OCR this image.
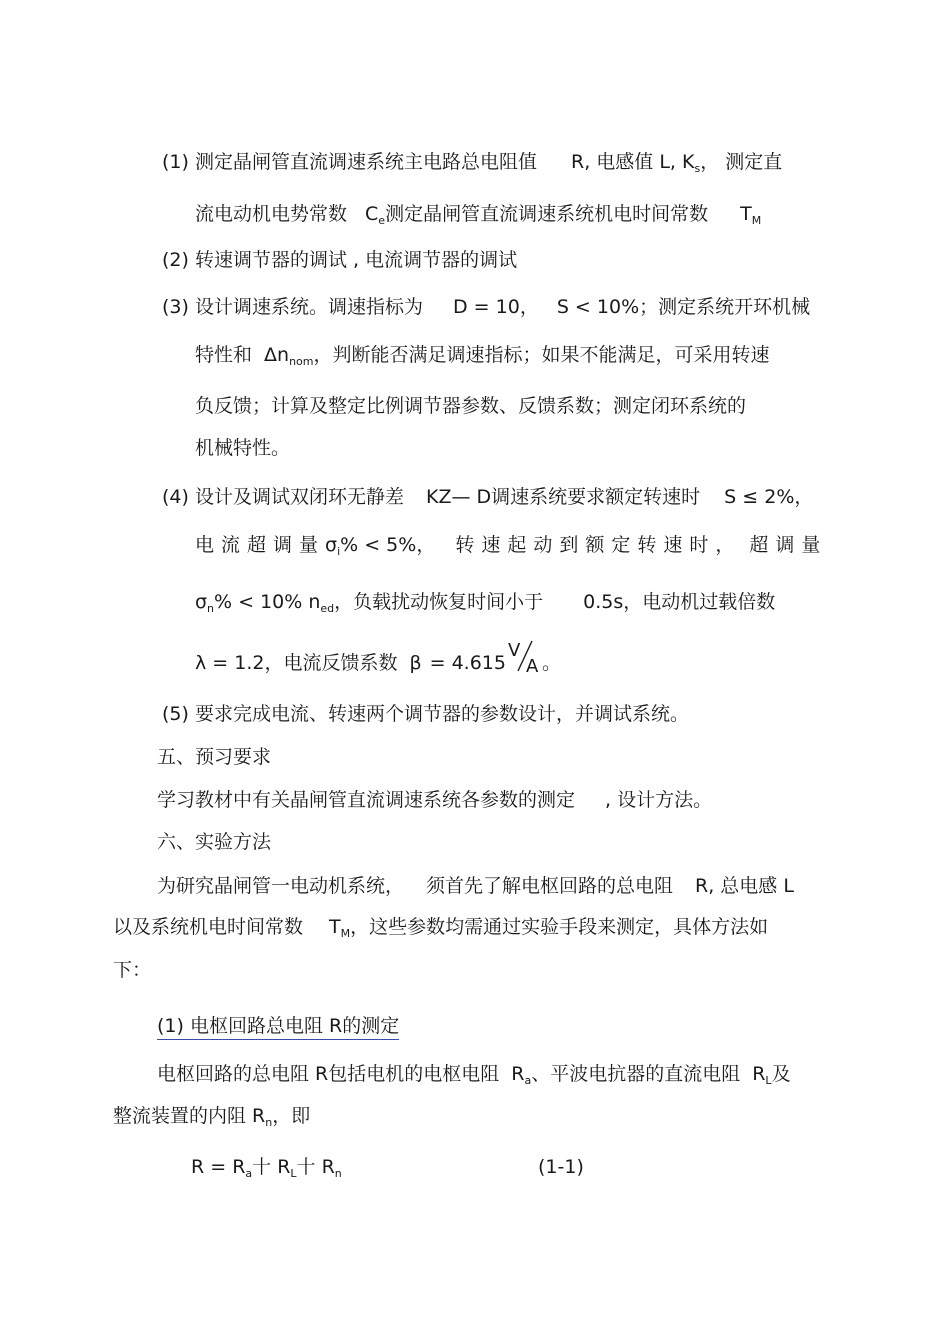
(1) 测定晶闸管直流调速系统主电路总电阻值 R, 电感值 L, $K_s$， 测定直
流电动机电势常数 $C_e$测定晶闸管直流调速系统机电时间常数 $T_M$
(2) 转速调节器的调试 , 电流调节器的调试
(3) 设计调速系统。调速指标为 D = 10， S < 10%；测定系统开环机械
特性和 $\Delta n_{nom}$，判断能否满足调速指标；如果不能满足，可采用转速
负反馈；计算及整定比例调节器参数、反馈系数；测定闭环系统的
机械特性。
(4) 设计及调试双闭环无静差 KZ— D调速系统要求额定转速时 S ≤ 2%，
电流超调量$\sigma_i\% < 5\%$， 转速起动到额定转速时， 超调量
$\sigma_n\% < 10\%$ $n_{ed}$，负载扰动恢复时间小于 0.5s，电动机过载倍数
λ = 1.2，电流反馈系数 β = 4.615
V
A 。
(5) 要求完成电流、转速两个调节器的参数设计，并调试系统。
五、预习要求
学习教材中有关晶闸管直流调速系统各参数的测定 , 设计方法。
六、实验方法
为研究晶闸管一电动机系统， 须首先了解电枢回路的总电阻 R, 总电感 L
以及系统机电时间常数 $T_M$，这些参数均需通过实验手段来测定，具体方法如
下：
(1) 电枢回路总电阻 R的测定
电枢回路的总电阻 R包括电机的电枢电阻 $R_a$、平波电抗器的直流电阻 $R_L$及
整流装置的内阻 $R_n$，即
$R = R_a$十 $R_L$十 $R_n$	(1-1)
